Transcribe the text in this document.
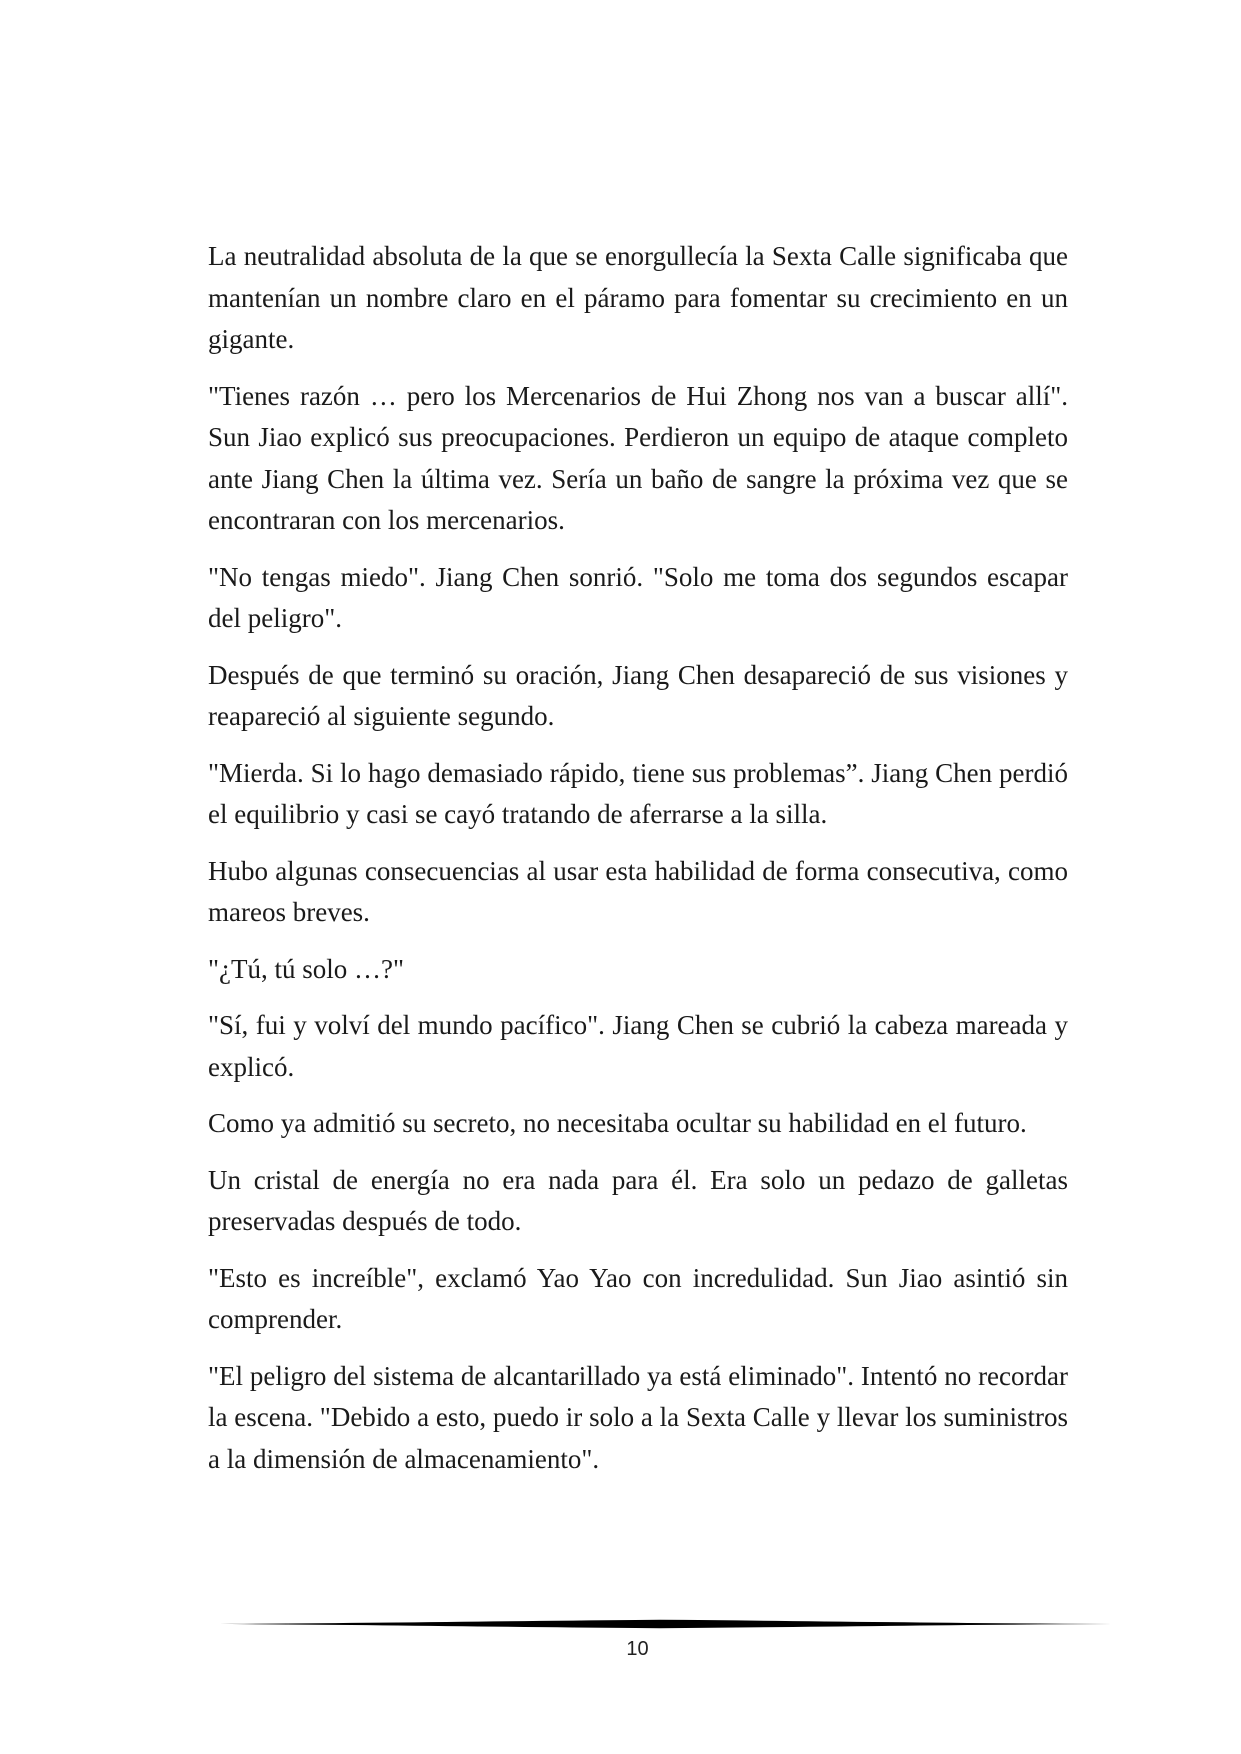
La neutralidad absoluta de la que se enorgullecía la Sexta Calle significaba que mantenían un nombre claro en el páramo para fomentar su crecimiento en un gigante.

"Tienes razón … pero los Mercenarios de Hui Zhong nos van a buscar allí". Sun Jiao explicó sus preocupaciones. Perdieron un equipo de ataque completo ante Jiang Chen la última vez. Sería un baño de sangre la próxima vez que se encontraran con los mercenarios.

"No tengas miedo". Jiang Chen sonrió. "Solo me toma dos segundos escapar del peligro".

Después de que terminó su oración, Jiang Chen desapareció de sus visiones y reapareció al siguiente segundo.

"Mierda. Si lo hago demasiado rápido, tiene sus problemas”. Jiang Chen perdió el equilibrio y casi se cayó tratando de aferrarse a la silla.

Hubo algunas consecuencias al usar esta habilidad de forma consecutiva, como mareos breves.

"¿Tú, tú solo …?"

"Sí, fui y volví del mundo pacífico". Jiang Chen se cubrió la cabeza mareada y explicó.

Como ya admitió su secreto, no necesitaba ocultar su habilidad en el futuro.

Un cristal de energía no era nada para él. Era solo un pedazo de galletas preservadas después de todo.

"Esto es increíble", exclamó Yao Yao con incredulidad. Sun Jiao asintió sin comprender.

"El peligro del sistema de alcantarillado ya está eliminado". Intentó no recordar la escena. "Debido a esto, puedo ir solo a la Sexta Calle y llevar los suministros a la dimensión de almacenamiento".

10
